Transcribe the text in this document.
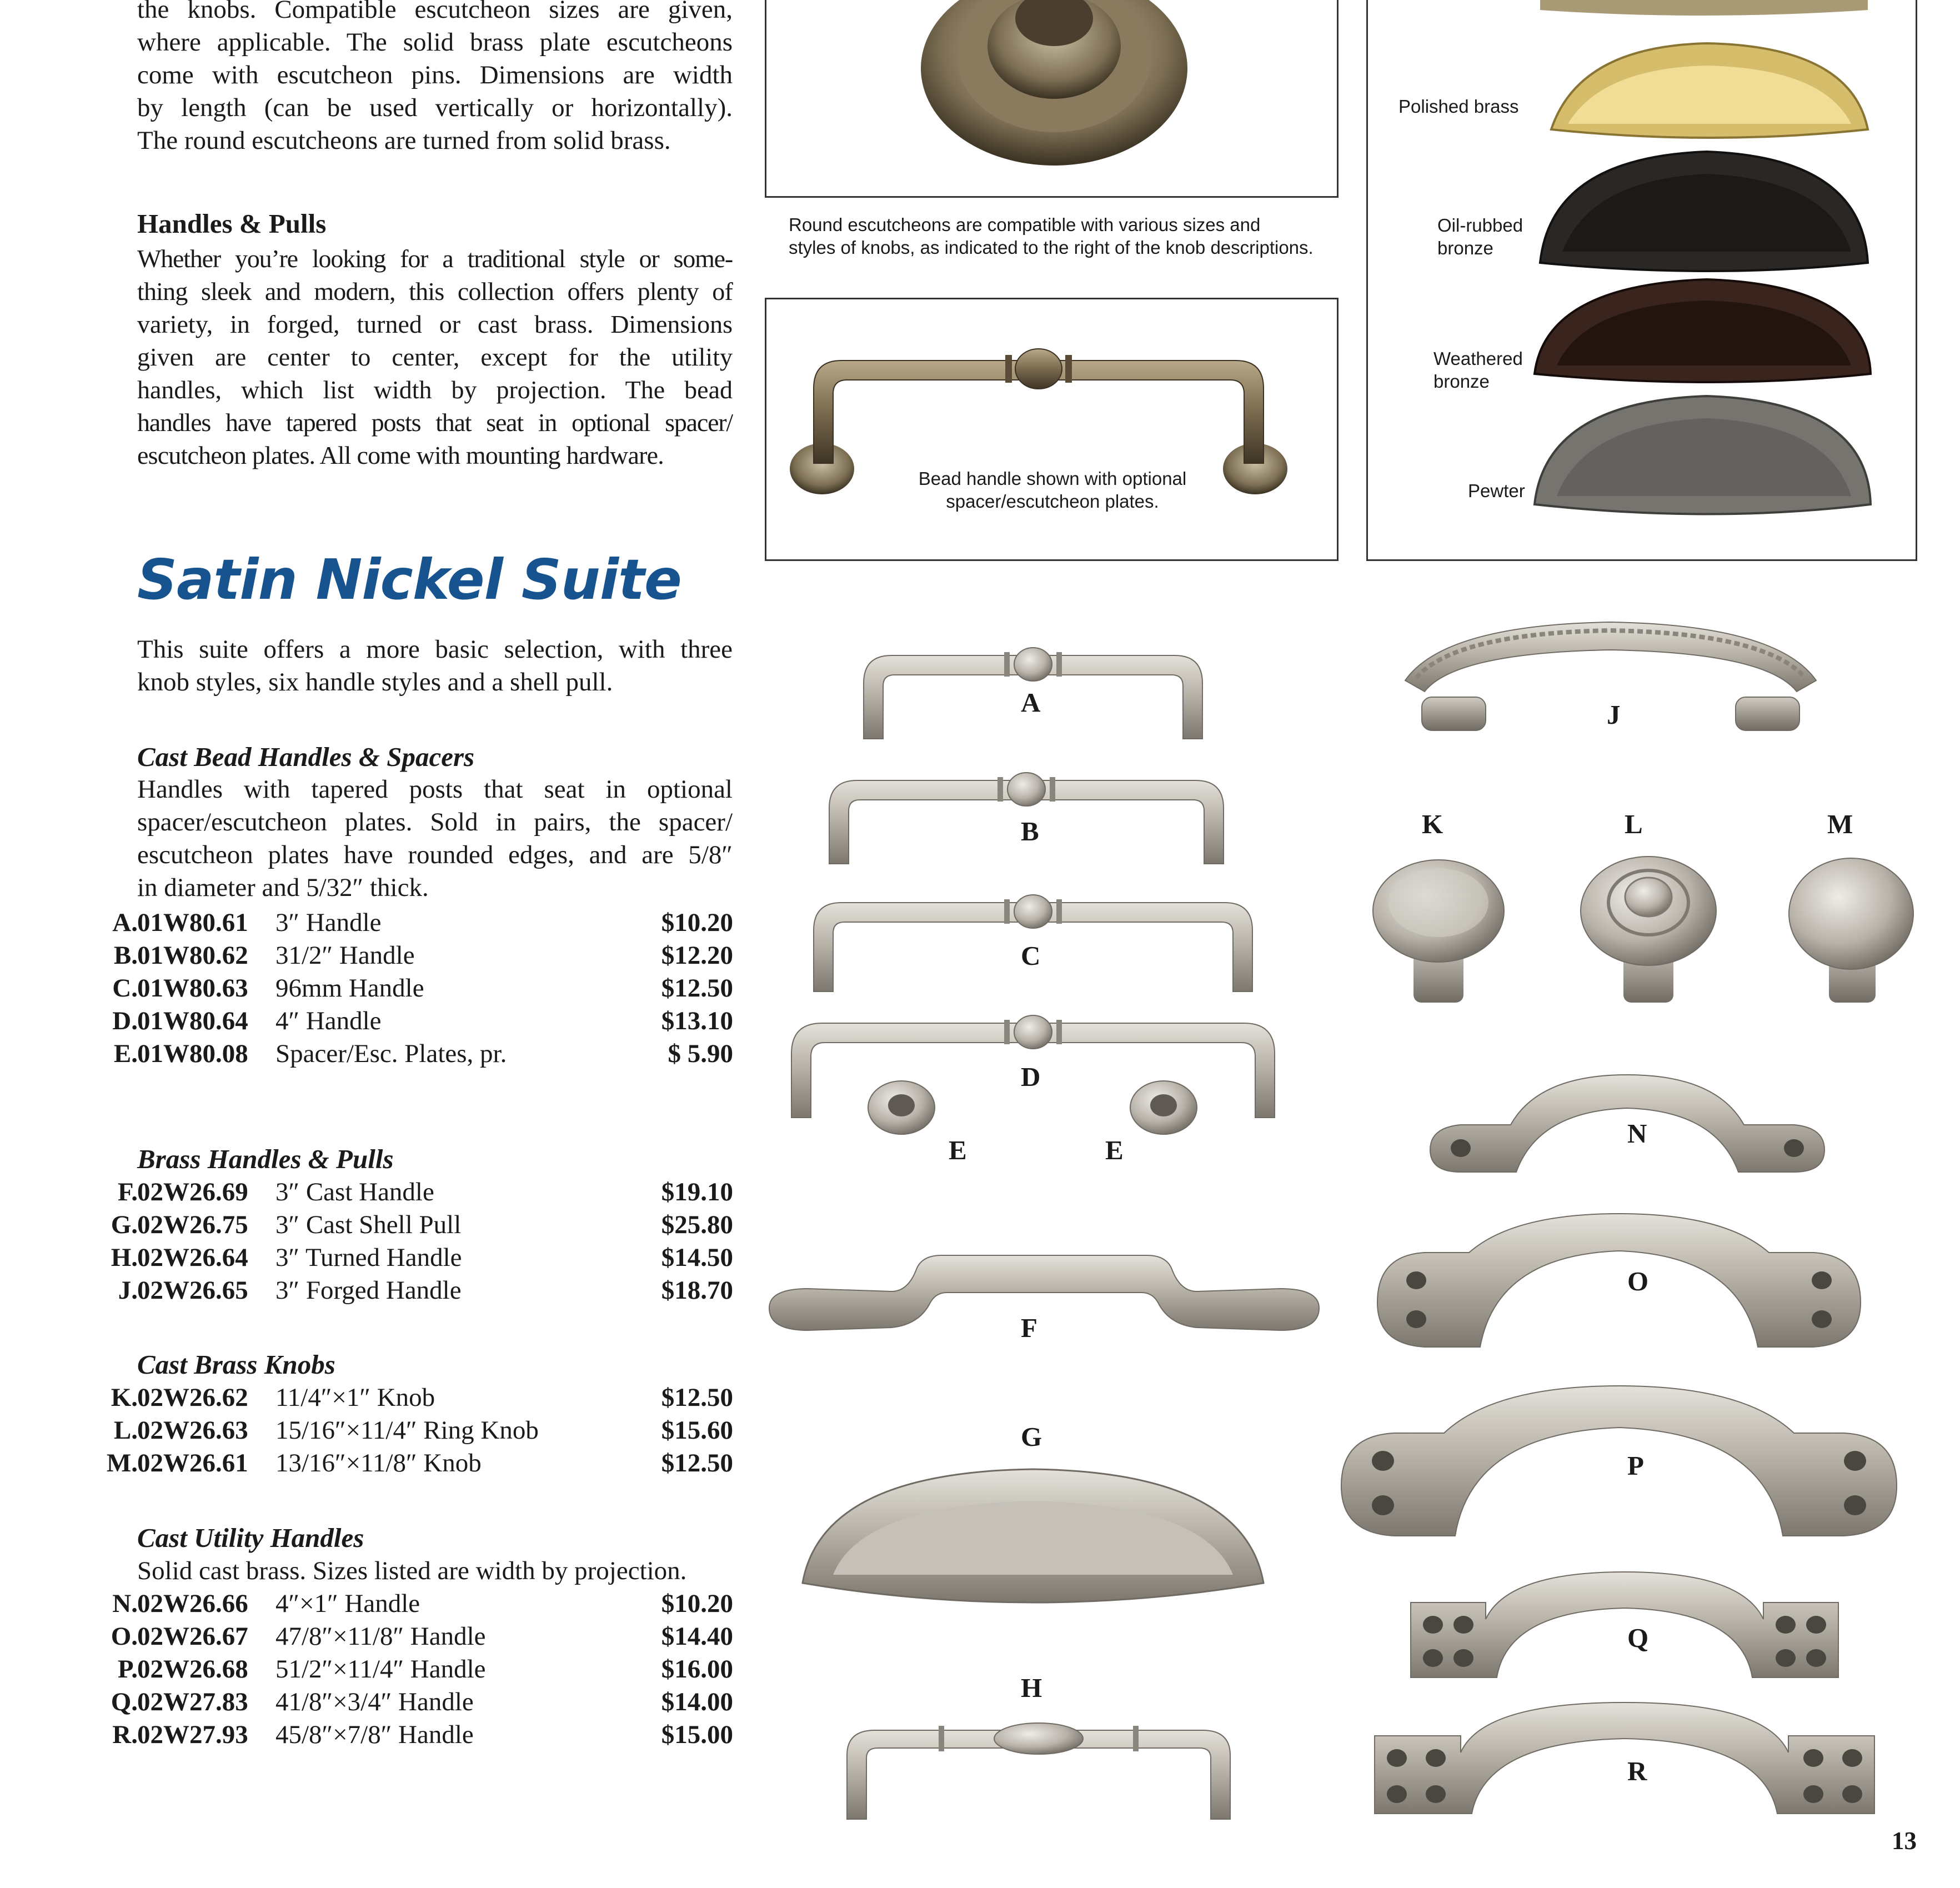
the knobs. Compatible escutcheon sizes are given,
where applicable. The solid brass plate escutcheons
come with escutcheon pins. Dimensions are width
by length (can be used vertically or horizontally).
The round escutcheons are turned from solid brass.
Handles & Pulls
Whether you’re looking for a traditional style or some-
thing sleek and modern, this collection offers plenty of
variety, in forged, turned or cast brass. Dimensions
given are center to center, except for the utility
handles, which list width by projection. The bead
handles have tapered posts that seat in optional spacer/
escutcheon plates. All come with mounting hardware.
Satin Nickel Suite
This suite offers a more basic selection, with three
knob styles, six handle styles and a shell pull.
Cast Bead Handles & Spacers
Handles with tapered posts that seat in optional
spacer/escutcheon plates. Sold in pairs, the spacer/
escutcheon plates have rounded edges, and are 5/8″
in diameter and 5/32″ thick.
A. 01W80.61 3″ Handle	$10.20
B. 01W80.62 31/2″ Handle	$12.20
C. 01W80.63 96mm Handle	$12.50
D. 01W80.64 4″ Handle	$13.10
E. 01W80.08 Spacer/Esc. Plates, pr.	$ 5.90
Brass Handles & Pulls
F. 02W26.69 3″ Cast Handle	$19.10
G. 02W26.75 3″ Cast Shell Pull	$25.80
H. 02W26.64 3″ Turned Handle	$14.50
J. 02W26.65 3″ Forged Handle	$18.70
Cast Brass Knobs
K. 02W26.62 11/4″×1″ Knob	$12.50
L. 02W26.63 15/16″×11/4″ Ring Knob	$15.60
M. 02W26.61 13/16″×11/8″ Knob	$12.50
Cast Utility Handles
Solid cast brass. Sizes listed are width by projection.
N. 02W26.66 4″×1″ Handle	$10.20
O. 02W26.67 47/8″×11/8″ Handle	$14.40
P. 02W26.68 51/2″×11/4″ Handle	$16.00
Q. 02W27.83 41/8″×3/4″ Handle	$14.00
R. 02W27.93 45/8″×7/8″ Handle	$15.00
Round escutcheons are compatible with various sizes and
styles of knobs, as indicated to the right of the knob descriptions.
Bead handle shown with optional
spacer/escutcheon plates.
Polished brass
Oil-rubbed
bronze
Weathered
bronze
Pewter
A
B
C
D
E	E
F
G
H
J
K	L	M
N
O
P
Q
R
13
